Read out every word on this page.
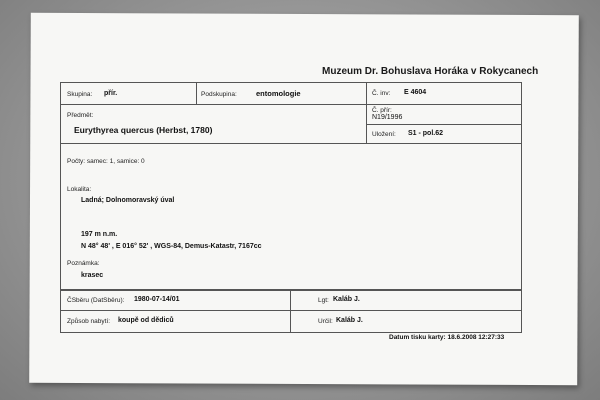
Muzeum Dr. Bohuslava Horáka v Rokycanech
Skupina: přír.	Podskupina:	entomologie	Č. inv: E 4604
Předmět:
Eurythyrea quercus (Herbst, 1780)
Č. přír:
N19/1996
Uložení: S1 - pol.62
Počty: samec: 1, samice: 0
Lokalita:
Ladná; Dolnomoravský úval
197 m n.m.
N 48° 48' , E 016° 52' , WGS-84, Demus-Katastr, 7167cc
Poznámka:
krasec
ČSběru (DatSběru): 1980-07-14/01	Lgt: Kaláb J.
Způsob nabytí: koupě od dědiců	Určil: Kaláb J.
Datum tisku karty: 18.6.2008 12:27:33
